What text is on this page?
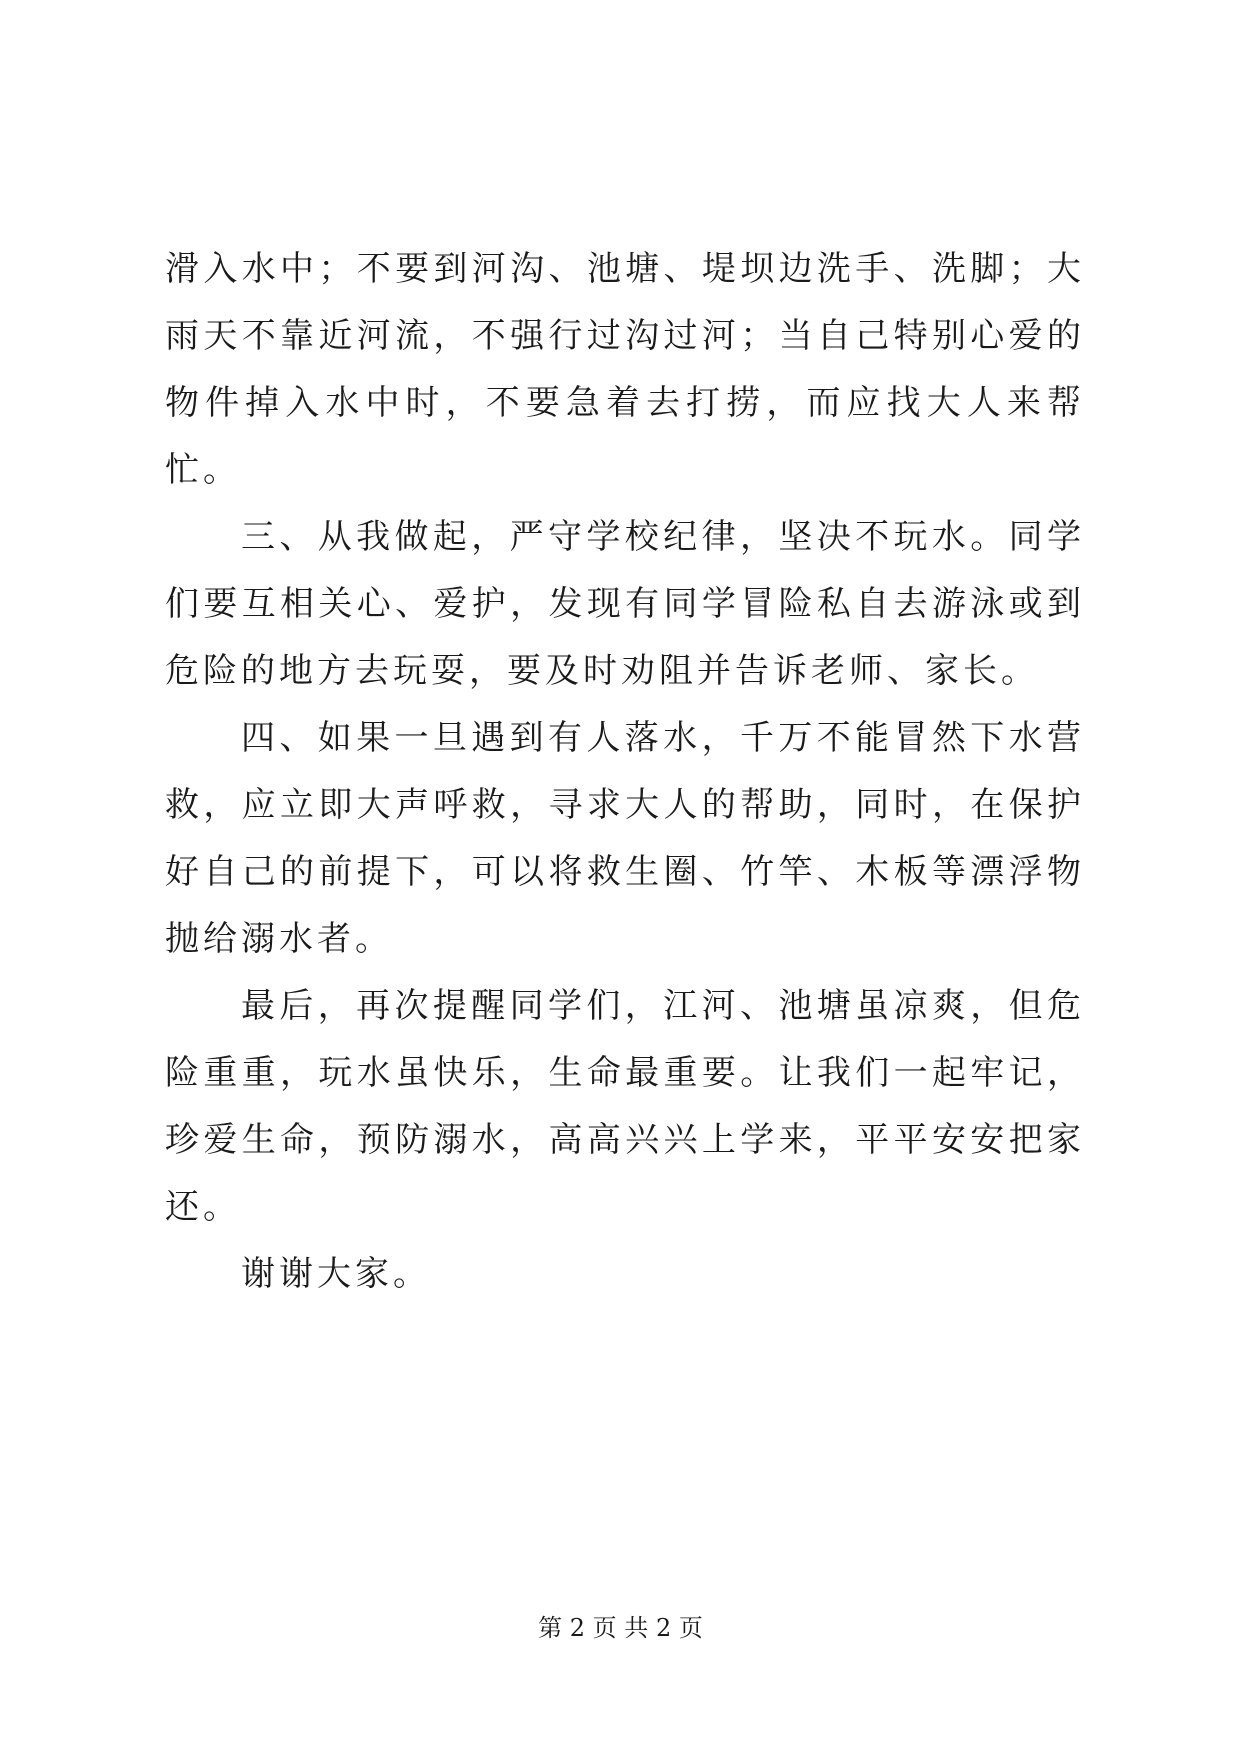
滑入水中；不要到河沟、池塘、堤坝边洗手、洗脚；大雨天不靠近河流，不强行过沟过河；当自己特别心爱的物件掉入水中时，不要急着去打捞，而应找大人来帮忙。

三、从我做起，严守学校纪律，坚决不玩水。同学们要互相关心、爱护，发现有同学冒险私自去游泳或到危险的地方去玩耍，要及时劝阻并告诉老师、家长。

四、如果一旦遇到有人落水，千万不能冒然下水营救，应立即大声呼救，寻求大人的帮助，同时，在保护好自己的前提下，可以将救生圈、竹竿、木板等漂浮物抛给溺水者。

最后，再次提醒同学们，江河、池塘虽凉爽，但危险重重，玩水虽快乐，生命最重要。让我们一起牢记，珍爱生命，预防溺水，高高兴兴上学来，平平安安把家还。

谢谢大家。

第 2 页 共 2 页
